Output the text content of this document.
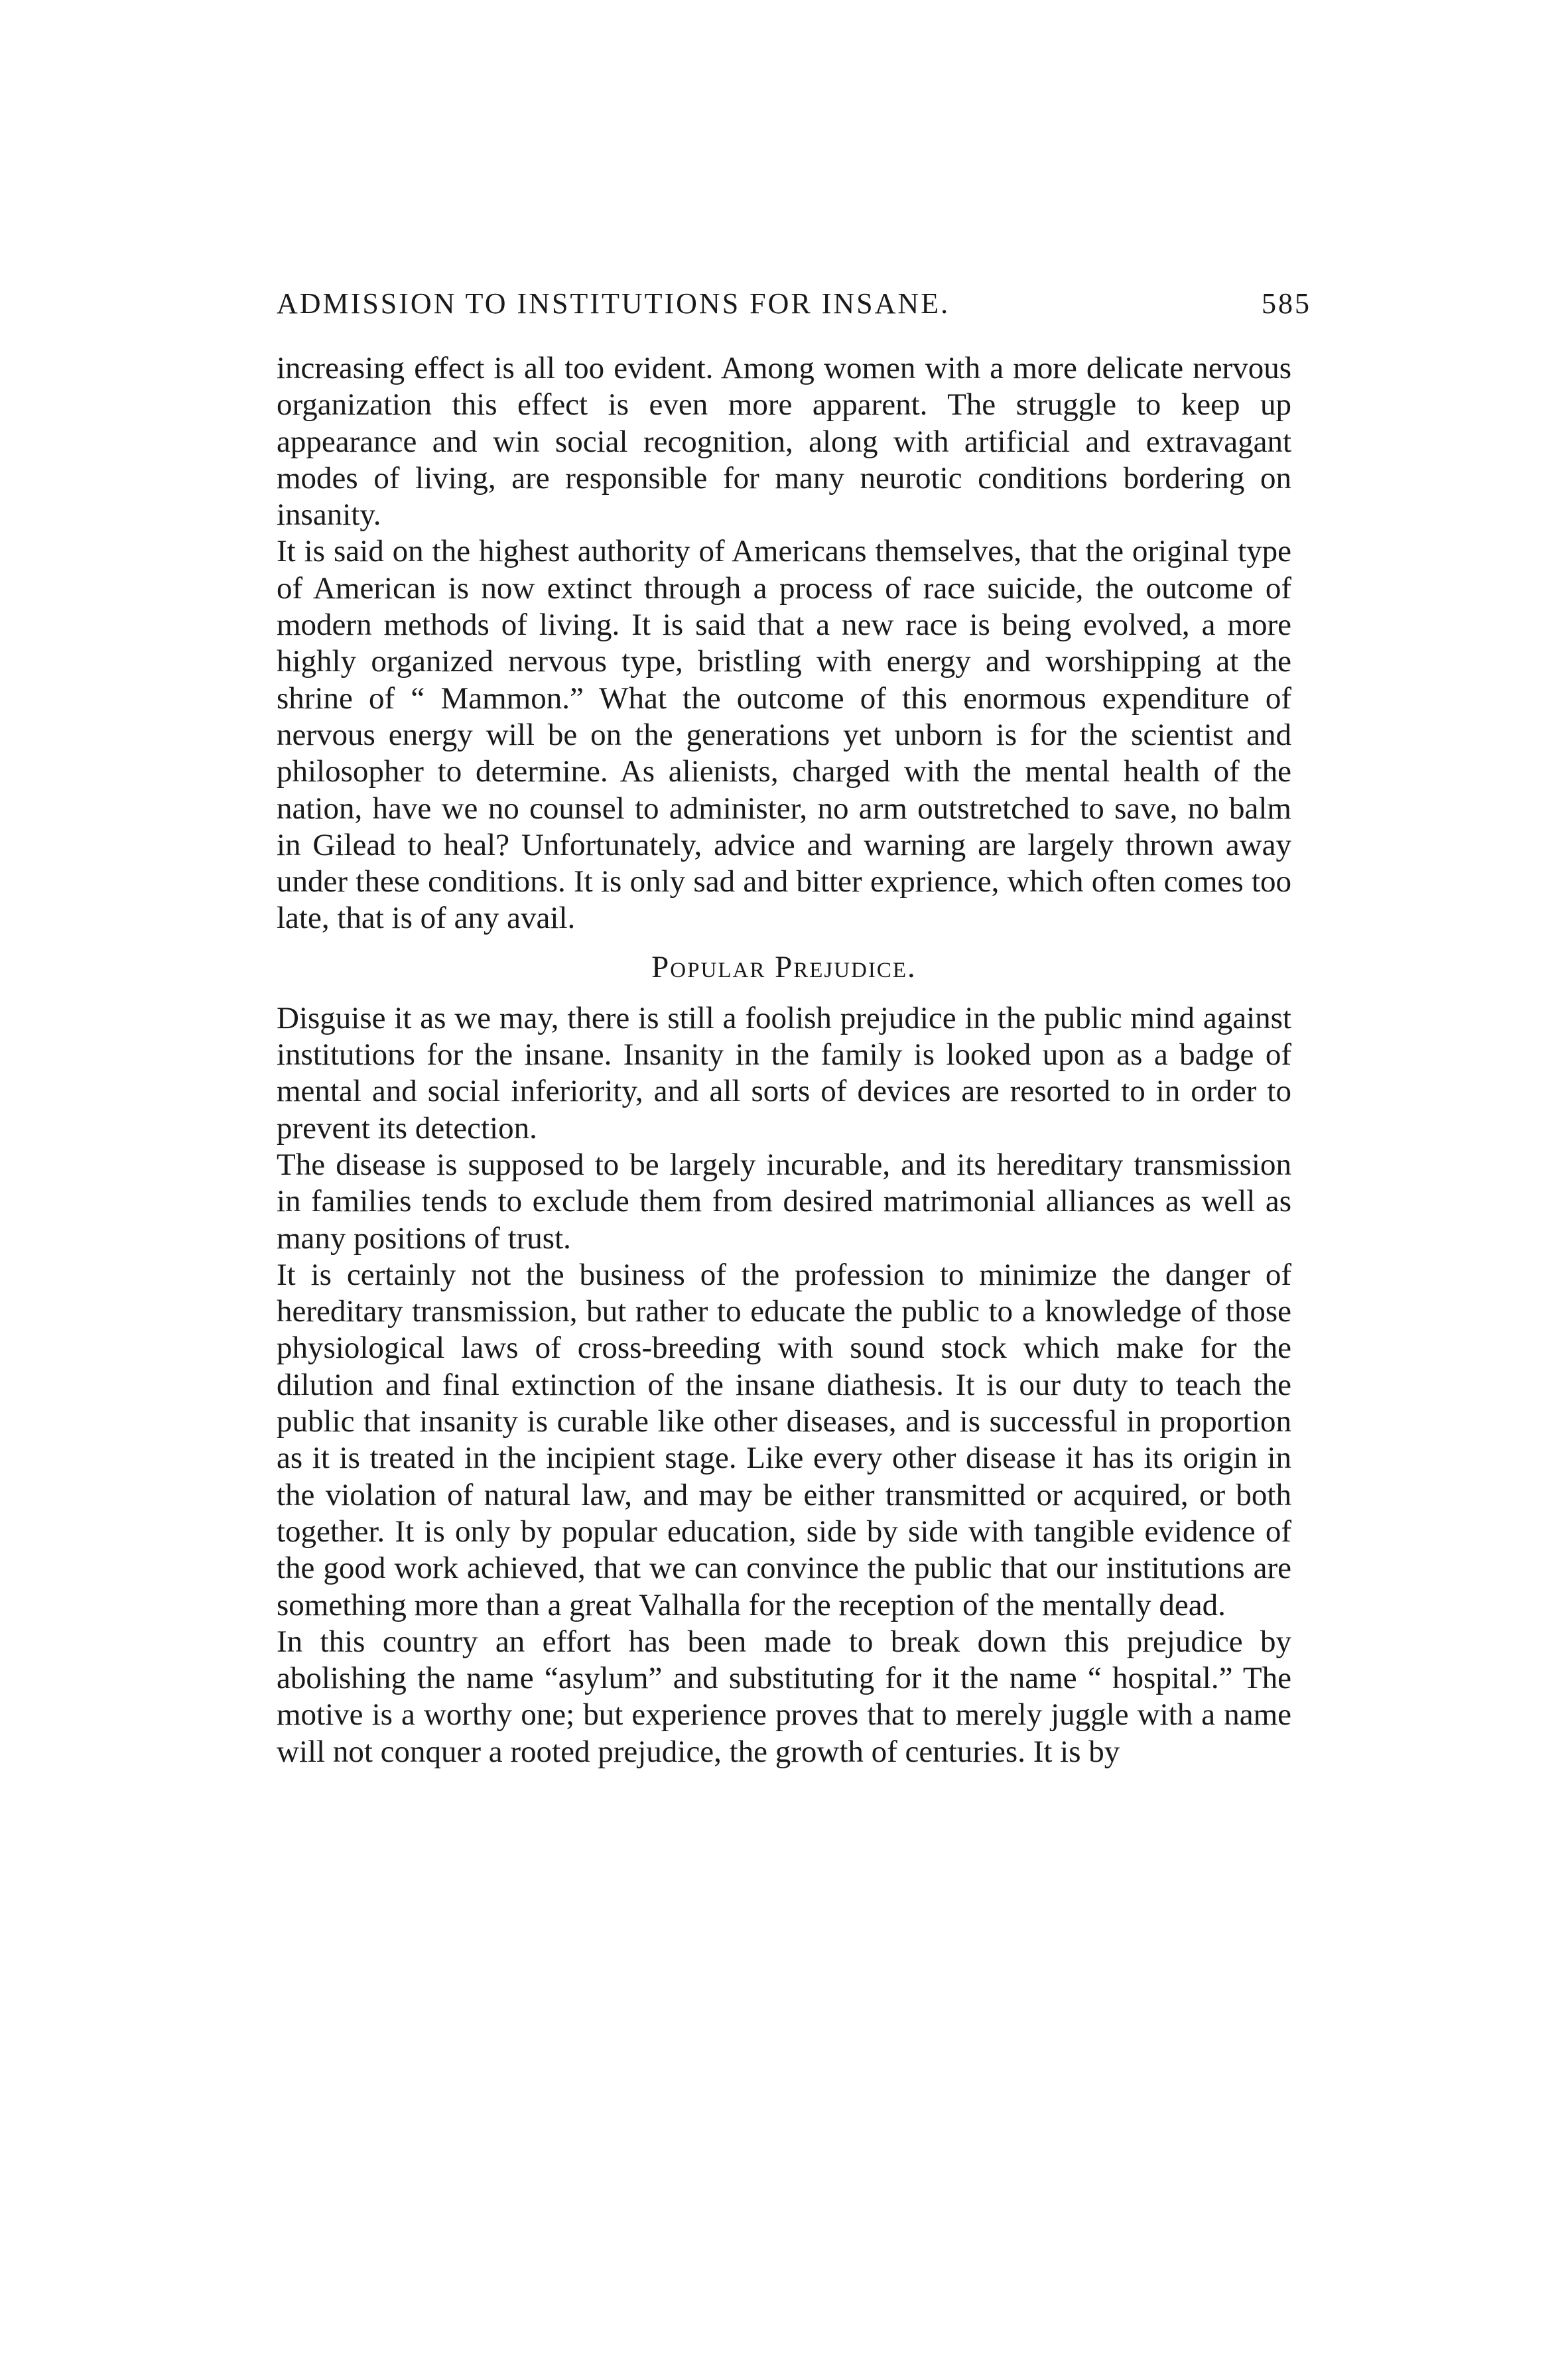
ADMISSION TO INSTITUTIONS FOR INSANE.	585

increasing effect is all too evident. Among women with a more delicate nervous organization this effect is even more apparent. The struggle to keep up appearance and win social recognition, along with artificial and extravagant modes of living, are responsible for many neurotic conditions bordering on insanity.

It is said on the highest authority of Americans themselves, that the original type of American is now extinct through a process of race suicide, the outcome of modern methods of living. It is said that a new race is being evolved, a more highly organized nervous type, bristling with energy and worshipping at the shrine of “ Mammon.” What the outcome of this enormous expenditure of nervous energy will be on the generations yet unborn is for the scientist and philosopher to determine. As alienists, charged with the mental health of the nation, have we no counsel to administer, no arm outstretched to save, no balm in Gilead to heal? Unfortunately, advice and warning are largely thrown away under these conditions. It is only sad and bitter exprience, which often comes too late, that is of any avail.

Popular Prejudice.

Disguise it as we may, there is still a foolish prejudice in the public mind against institutions for the insane. Insanity in the family is looked upon as a badge of mental and social inferiority, and all sorts of devices are resorted to in order to prevent its detection.

The disease is supposed to be largely incurable, and its hereditary transmission in families tends to exclude them from desired matrimonial alliances as well as many positions of trust.

It is certainly not the business of the profession to minimize the danger of hereditary transmission, but rather to educate the public to a knowledge of those physiological laws of cross-breeding with sound stock which make for the dilution and final extinction of the insane diathesis. It is our duty to teach the public that insanity is curable like other diseases, and is successful in proportion as it is treated in the incipient stage. Like every other disease it has its origin in the violation of natural law, and may be either transmitted or acquired, or both together. It is only by popular education, side by side with tangible evidence of the good work achieved, that we can convince the public that our institutions are something more than a great Valhalla for the reception of the mentally dead.

In this country an effort has been made to break down this prejudice by abolishing the name “asylum” and substituting for it the name “ hospital.” The motive is a worthy one; but experience proves that to merely juggle with a name will not conquer a rooted prejudice, the growth of centuries. It is by
